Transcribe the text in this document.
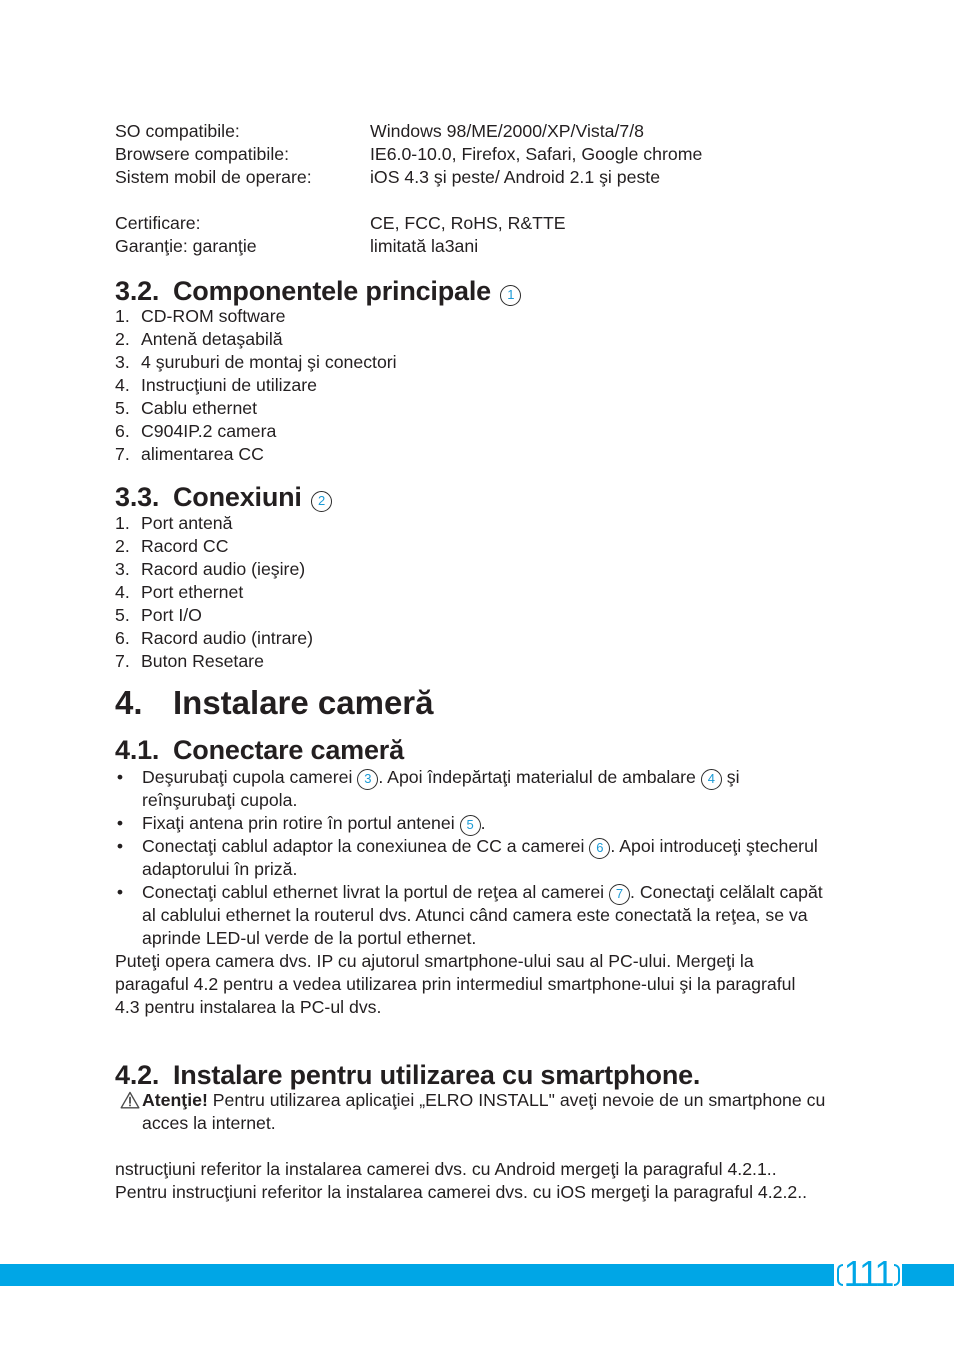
SO compatibile:	Windows 98/ME/2000/XP/Vista/7/8
Browsere compatibile:	IE6.0-10.0, Firefox, Safari, Google chrome
Sistem mobil de operare:	iOS 4.3 şi peste/ Android 2.1 şi peste
Certificare:	CE, FCC, RoHS, R&TTE
Garanţie: garanţie	limitată la3ani
3.2. Componentele principale 1
1. CD-ROM software
2. Antenă detaşabilă
3. 4 şuruburi de montaj şi conectori
4. Instrucţiuni de utilizare
5. Cablu ethernet
6. C904IP.2 camera
7. alimentarea CC
3.3. Conexiuni 2
1. Port antenă
2. Racord CC
3. Racord audio (ieşire)
4. Port ethernet
5. Port I/O
6. Racord audio (intrare)
7. Buton Resetare
4. Instalare cameră
4.1. Conectare cameră
• Deşurubaţi cupola camerei 3 . Apoi îndepărtaţi materialul de ambalare 4 şi
reînşurubaţi cupola.
• Fixaţi antena prin rotire în portul antenei 5 .
• Conectaţi cablul adaptor la conexiunea de CC a camerei 6 . Apoi introduceţi ştecherul
adaptorului în priză.
• Conectaţi cablul ethernet livrat la portul de reţea al camerei 7 . Conectaţi celălalt capăt
al cablului ethernet la routerul dvs. Atunci când camera este conectată la reţea, se va
aprinde LED-ul verde de la portul ethernet.
Puteţi opera camera dvs. IP cu ajutorul smartphone-ului sau al PC-ului. Mergeţi la
paragaful 4.2 pentru a vedea utilizarea prin intermediul smartphone-ului şi la paragraful
4.3 pentru instalarea la PC-ul dvs.
4.2. Instalare pentru utilizarea cu smartphone.
Atenţie! Pentru utilizarea aplicaţiei „ELRO INSTALL" aveţi nevoie de un smartphone cu
acces la internet.
nstrucţiuni referitor la instalarea camerei dvs. cu Android mergeţi la paragraful 4.2.1..
Pentru instrucţiuni referitor la instalarea camerei dvs. cu iOS mergeţi la paragraful 4.2.2..
111
